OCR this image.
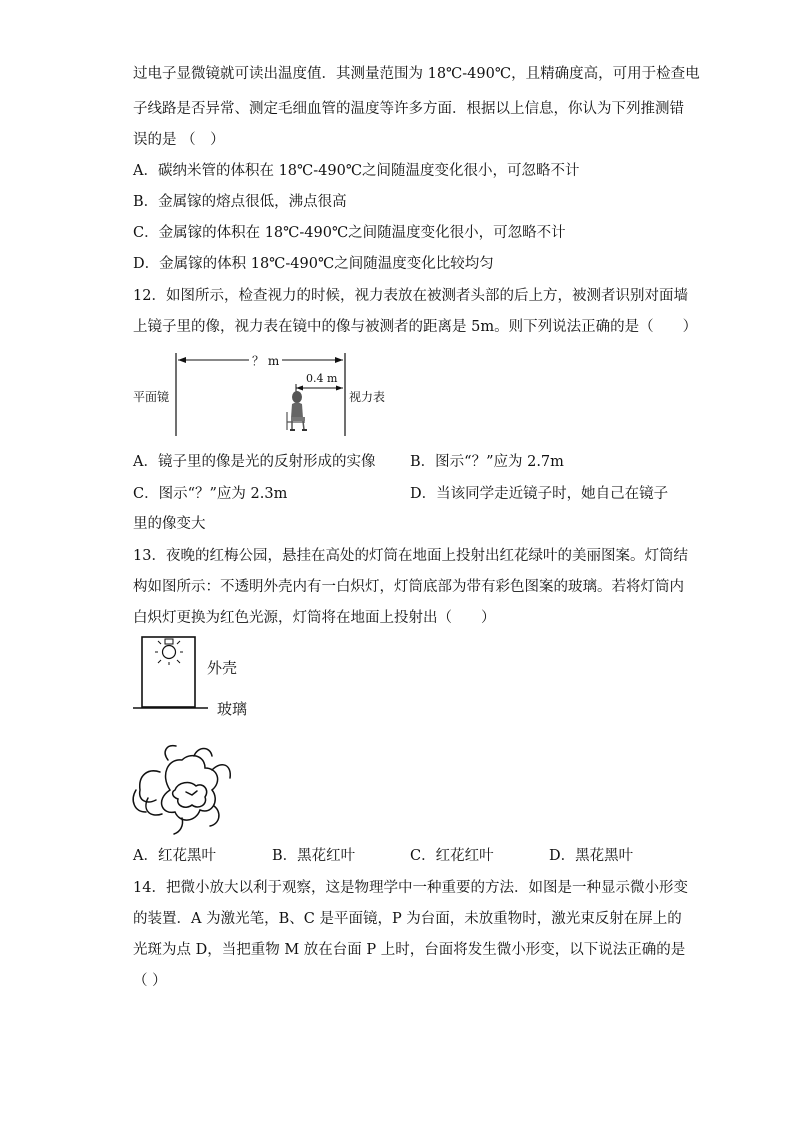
过电子显微镜就可读出温度值．其测量范围为 18℃-490℃，且精确度高，可用于检查电
子线路是否异常、测定毛细血管的温度等许多方面．根据以上信息，你认为下列推测错
误的是 （　）
A．碳纳米管的体积在 18℃-490℃之间随温度变化很小，可忽略不计
B．金属镓的熔点很低，沸点很高
C．金属镓的体积在 18℃-490℃之间随温度变化很小，可忽略不计
D．金属镓的体积 18℃-490℃之间随温度变化比较均匀
12．如图所示，检查视力的时候，视力表放在被测者头部的后上方，被测者识别对面墙
上镜子里的像，视力表在镜中的像与被测者的距离是 5m。则下列说法正确的是（　　）
？ m
0.4 m
平面镜	视力表
A．镜子里的像是光的反射形成的实像 B．图示“？”应为 2.7m
C．图示“？”应为 2.3m	D．当该同学走近镜子时，她自己在镜子
里的像变大
13．夜晚的红梅公园，悬挂在高处的灯筒在地面上投射出红花绿叶的美丽图案。灯筒结
构如图所示：不透明外壳内有一白炽灯，灯筒底部为带有彩色图案的玻璃。若将灯筒内
白炽灯更换为红色光源，灯筒将在地面上投射出（　　）
外壳
玻璃
A．红花黑叶	B．黑花红叶	C．红花红叶	D．黑花黑叶
14．把微小放大以利于观察，这是物理学中一种重要的方法．如图是一种显示微小形变
的装置．A 为激光笔，B、C 是平面镜，P 为台面，未放重物时，激光束反射在屏上的
光斑为点 D，当把重物 M 放在台面 P 上时，台面将发生微小形变，以下说法正确的是
（ ）
